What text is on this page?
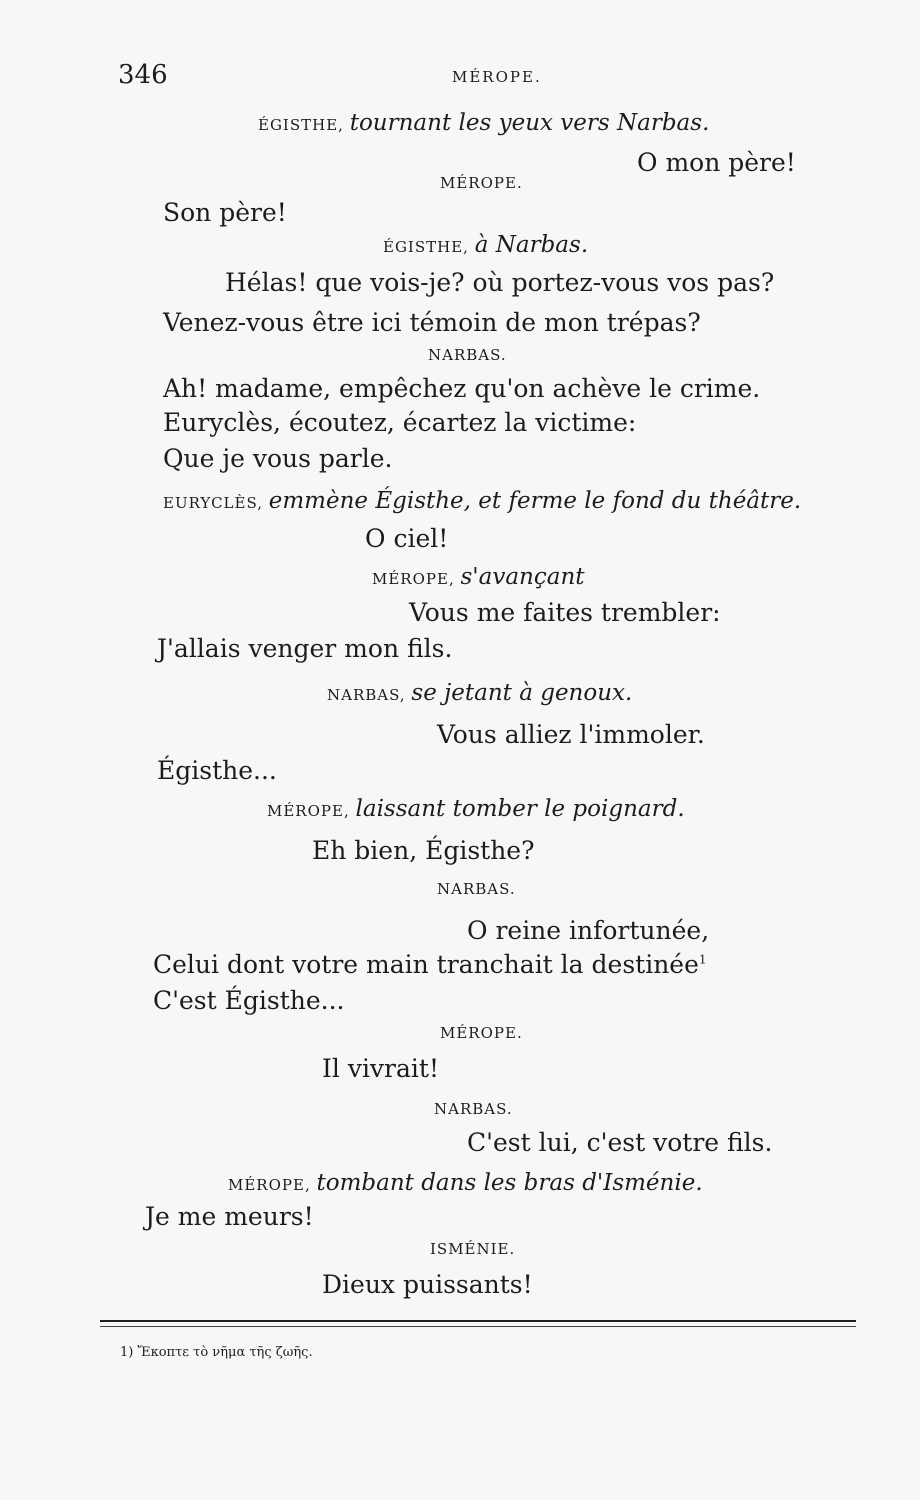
346	MÉROPE.
ÉGISTHE, tournant les yeux vers Narbas.
O mon père!
MÉROPE.
Son père!
ÉGISTHE, à Narbas.
Hélas! que vois-je? où portez-vous vos pas?
Venez-vous être ici témoin de mon trépas?
NARBAS.
Ah! madame, empêchez qu'on achève le crime.
Euryclès, écoutez, écartez la victime:
Que je vous parle.
EURYCLÈS, emmène Égisthe, et ferme le fond du théâtre.
O ciel!
MÉROPE, s'avançant
Vous me faites trembler:
J'allais venger mon fils.
NARBAS, se jetant à genoux.
Vous alliez l'immoler.
Égisthe...
MÉROPE, laissant tomber le poignard.
Eh bien, Égisthe?
NARBAS.
O reine infortunée,
Celui dont votre main tranchait la destinée$^1$
C'est Égisthe...
MÉROPE.
Il vivrait!
NARBAS.
C'est lui, c'est votre fils.
MÉROPE, tombant dans les bras d'Isménie.
Je me meurs!
ISMÉNIE.
Dieux puissants!
1) Ἔκοπτε τὸ νῆμα τῆς ζωῆς.
